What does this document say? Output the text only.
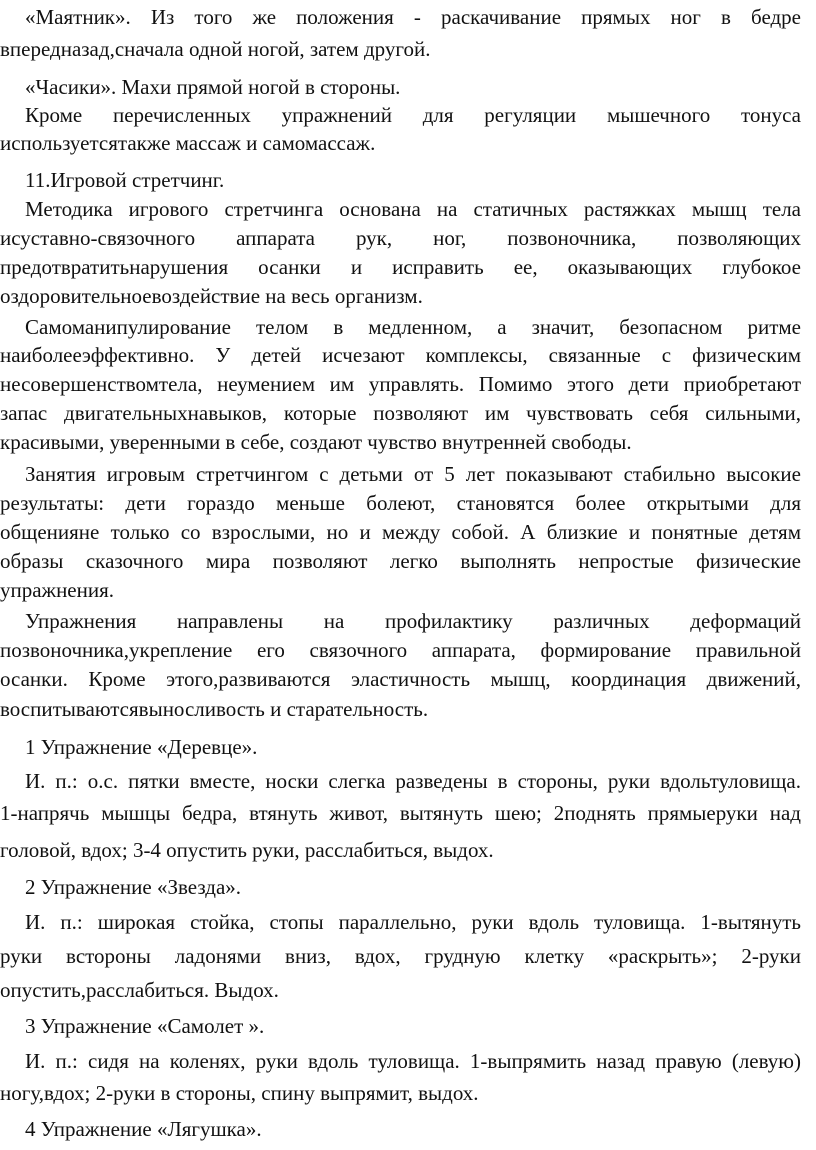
«Маятник». Из того же положения - раскачивание прямых ног в бедре
впередназад,сначала одной ногой, затем другой.
«Часики». Махи прямой ногой в стороны.
Кроме перечисленных упражнений для регуляции мышечного тонуса
используетсятакже массаж и самомассаж.
11.Игровой стретчинг.
Методика игрового стретчинга основана на статичных растяжках мышц тела
исуставно-связочного аппарата рук, ног, позвоночника, позволяющих
предотвратитьнарушения осанки и исправить ее, оказывающих глубокое
оздоровительноевоздействие на весь организм.
Самоманипулирование телом в медленном, а значит, безопасном ритме
наиболееэффективно. У детей исчезают комплексы, связанные с физическим
несовершенствомтела, неумением им управлять. Помимо этого дети приобретают
запас двигательныхнавыков, которые позволяют им чувствовать себя сильными,
красивыми, уверенными в себе, создают чувство внутренней свободы.
Занятия игровым стретчингом с детьми от 5 лет показывают стабильно высокие
результаты: дети гораздо меньше болеют, становятся более открытыми для
общенияне только со взрослыми, но и между собой. А близкие и понятные детям
образы сказочного мира позволяют легко выполнять непростые физические
упражнения.
Упражнения направлены на профилактику различных деформаций
позвоночника,укрепление его связочного аппарата, формирование правильной
осанки. Кроме этого,развиваются эластичность мышц, координация движений,
воспитываютсявыносливость и старательность.
1 Упражнение «Деревце».
И. п.: о.с. пятки вместе, носки слегка разведены в стороны, руки вдольтуловища.
1-напрячь мышцы бедра, втянуть живот, вытянуть шею; 2поднять прямыеруки над
головой, вдох; 3-4 опустить руки, расслабиться, выдох.
2 Упражнение «Звезда».
И. п.: широкая стойка, стопы параллельно, руки вдоль туловища. 1-вытянуть
руки встороны ладонями вниз, вдох, грудную клетку «раскрыть»; 2-руки
опустить,расслабиться. Выдох.
3 Упражнение «Самолет ».
И. п.: сидя на коленях, руки вдоль туловища. 1-выпрямить назад правую (левую)
ногу,вдох; 2-руки в стороны, спину выпрямит, выдох.
4 Упражнение «Лягушка».
